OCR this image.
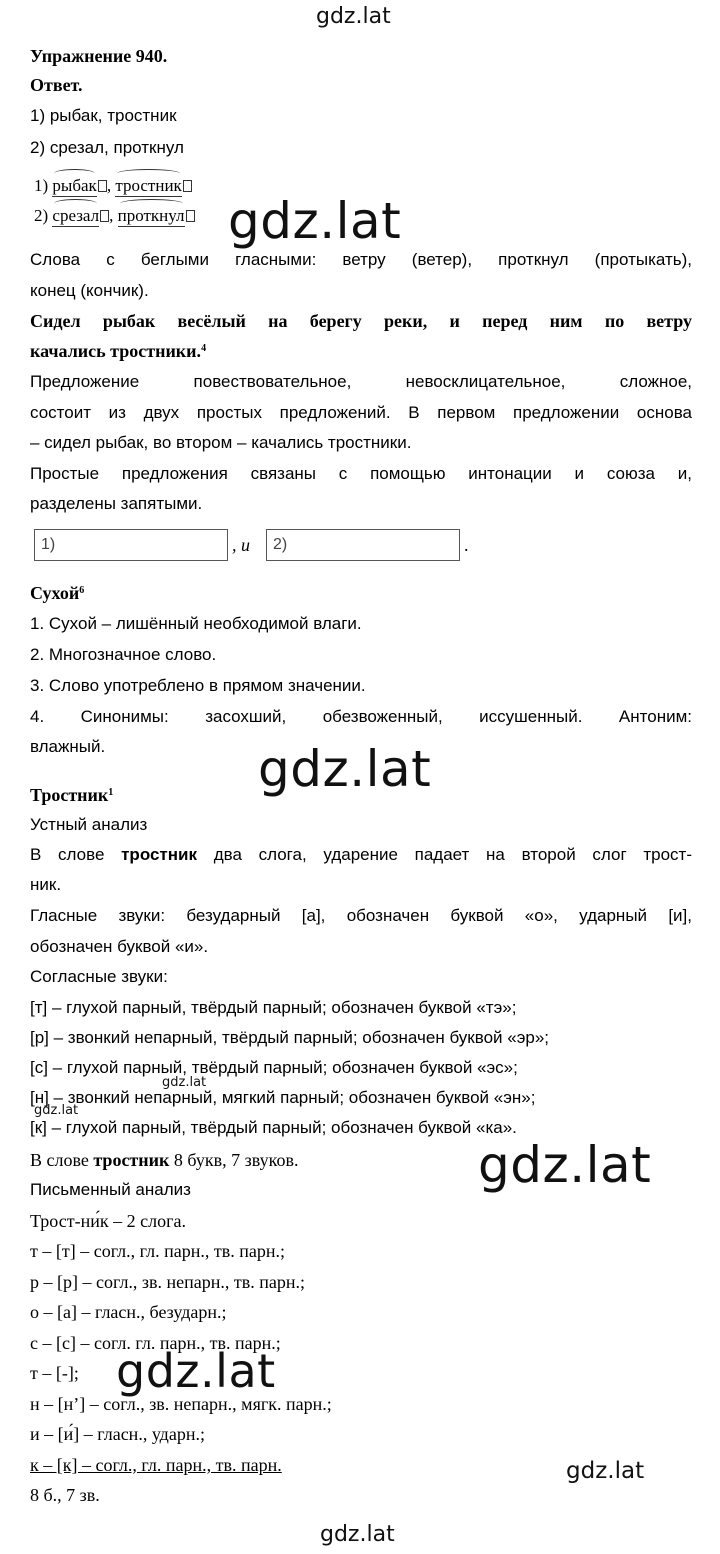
gdz.lat
gdz.lat
gdz.lat
gdz.lat
gdz.lat
gdz.lat
gdz.lat
gdz.lat
gdz.lat
Упражнение 940.
Ответ.
1) рыбак, тростник
2) срезал, проткнул
1) рыбак ,
тростник
2) срезал ,
проткнул
Слова с беглыми гласными: ветру (ветер), проткнул (протыкать),
конец (кончик).
Сидел рыбак весёлый на берегу реки, и перед ним по ветру
качались тростники.$^4$
Предложение повествовательное, невосклицательное, сложное,
состоит из двух простых предложений. В первом предложении основа
– сидел рыбак, во втором – качались тростники.
Простые предложения связаны с помощью интонации и союза и,
разделены запятыми.
1)	, и	2)	.
Сухой$^6$
1. Сухой – лишённый необходимой влаги.
2. Многозначное слово.
3. Слово употреблено в прямом значении.
4. Синонимы: засохший, обезвоженный, иссушенный. Антоним:
влажный.
Тростник$^1$
Устный анализ
В слове тростник два слога, ударение падает на второй слог трост-
ник.
Гласные звуки: безударный [а], обозначен буквой «о», ударный [и],
обозначен буквой «и».
Согласные звуки:
[т] – глухой парный, твёрдый парный; обозначен буквой «тэ»;
[р] – звонкий непарный, твёрдый парный; обозначен буквой «эр»;
[с] – глухой парный, твёрдый парный; обозначен буквой «эс»;
[н] – звонкий непарный, мягкий парный; обозначен буквой «эн»;
[к] – глухой парный, твёрдый парный; обозначен буквой «ка».
В слове тростник 8 букв, 7 звуков.
Письменный анализ
Трост-ни́к – 2 слога.
т – [т] – согл., гл. парн., тв. парн.;
р – [р] – согл., зв. непарн., тв. парн.;
о – [а] – гласн., безударн.;
с – [с] – согл. гл. парн., тв. парн.;
т – [-];
н – [н’] – согл., зв. непарн., мягк. парн.;
и – [и́] – гласн., ударн.;
к – [к] – согл., гл. парн., тв. парн.
8 б., 7 зв.
